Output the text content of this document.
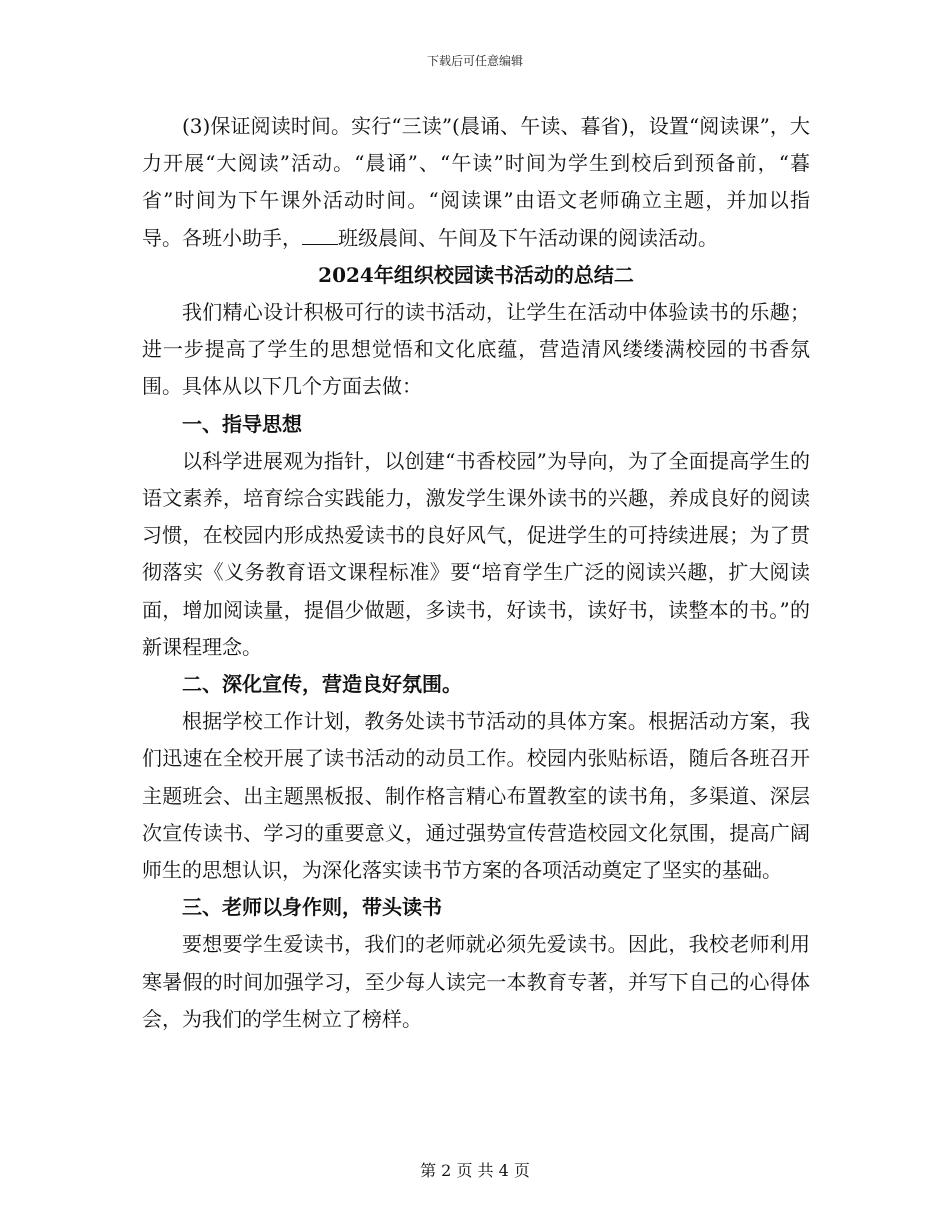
下载后可任意编辑

(3)保证阅读时间。实行“三读”(晨诵、午读、暮省)，设置“阅读课”，大力开展“大阅读”活动。“晨诵”、“午读”时间为学生到校后到预备前，“暮省”时间为下午课外活动时间。“阅读课”由语文老师确立主题，并加以指导。各班小助手， 班级晨间、午间及下午活动课的阅读活动。

2024年组织校园读书活动的总结二

我们精心设计积极可行的读书活动，让学生在活动中体验读书的乐趣；进一步提高了学生的思想觉悟和文化底蕴，营造清风缕缕满校园的书香氛围。具体从以下几个方面去做：

一、指导思想

以科学进展观为指针，以创建“书香校园”为导向，为了全面提高学生的语文素养，培育综合实践能力，激发学生课外读书的兴趣，养成良好的阅读习惯，在校园内形成热爱读书的良好风气，促进学生的可持续进展；为了贯彻落实《义务教育语文课程标准》要“培育学生广泛的阅读兴趣，扩大阅读面，增加阅读量，提倡少做题，多读书，好读书，读好书，读整本的书。”的新课程理念。

二、深化宣传，营造良好氛围。

根据学校工作计划，教务处读书节活动的具体方案。根据活动方案，我们迅速在全校开展了读书活动的动员工作。校园内张贴标语，随后各班召开主题班会、出主题黑板报、制作格言精心布置教室的读书角，多渠道、深层次宣传读书、学习的重要意义，通过强势宣传营造校园文化氛围，提高广阔师生的思想认识，为深化落实读书节方案的各项活动奠定了坚实的基础。

三、老师以身作则，带头读书

要想要学生爱读书，我们的老师就必须先爱读书。因此，我校老师利用寒暑假的时间加强学习，至少每人读完一本教育专著，并写下自己的心得体会，为我们的学生树立了榜样。

第 2 页 共 4 页
